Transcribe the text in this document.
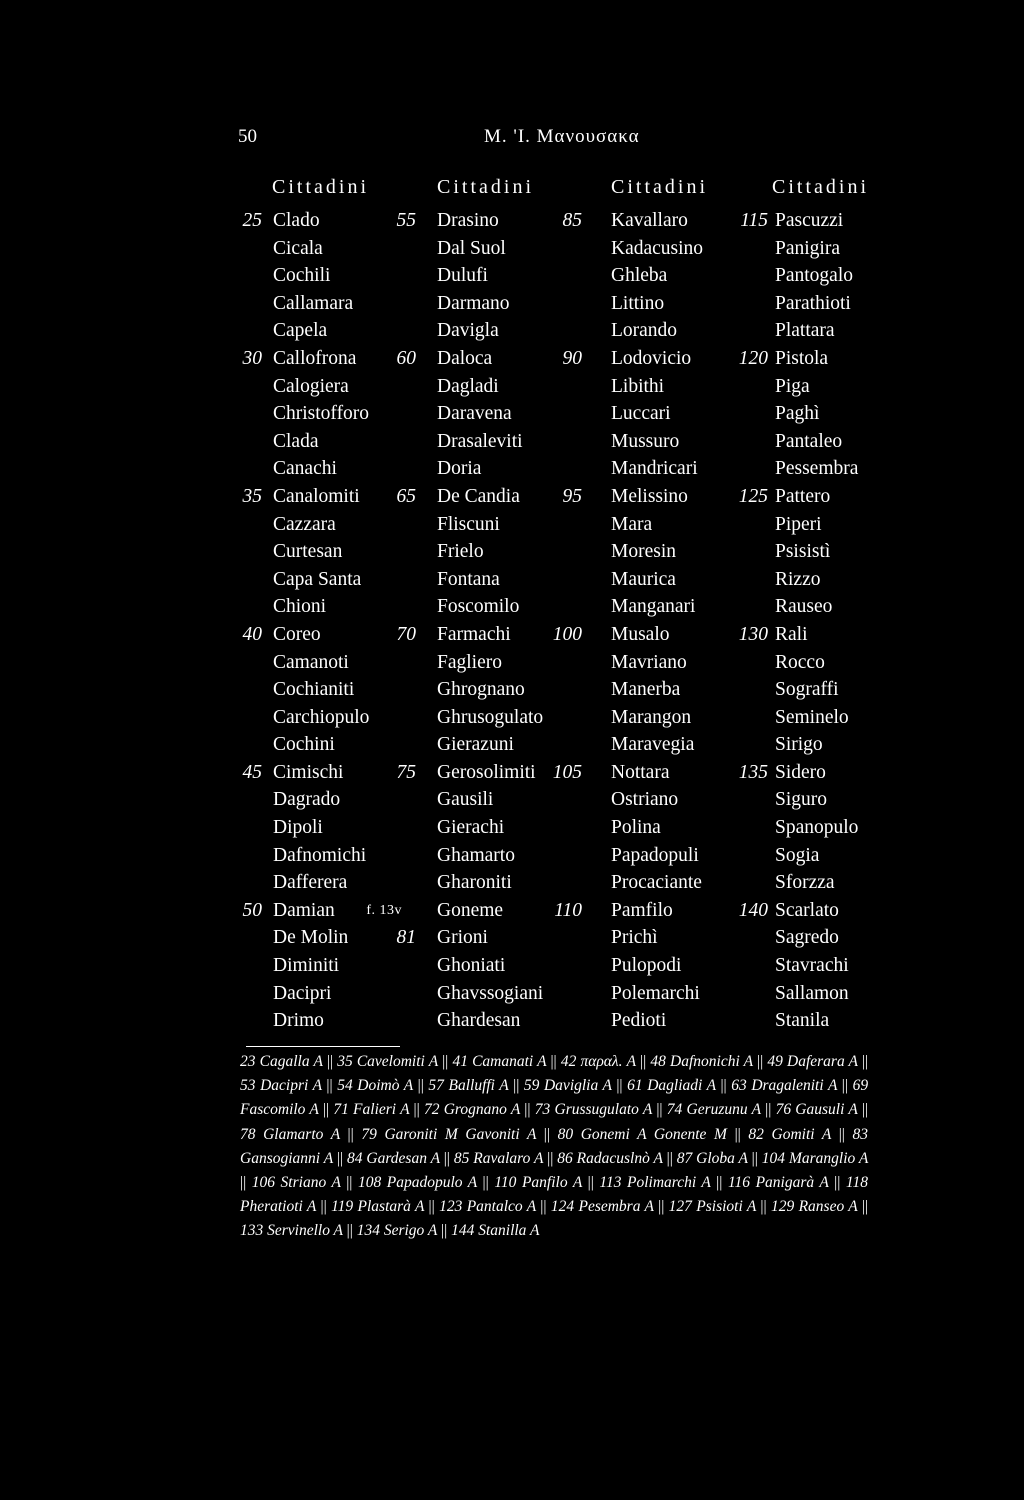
50	M. 'I. Μανουσακα
Cittadini	Cittadini	Cittadini	Cittadini
25 Clado	55 Drasino	85 Kavallaro	115 Pascuzzi
Cicala	Dal Suol	Kadacusino	Panigira
Cochili	Dulufi	Ghleba	Pantogalo
Callamara	Darmano	Littino	Parathioti
Capela	Davigla	Lorando	Plattara
30 Callofrona	60 Daloca	90 Lodovicio	120 Pistola
Calogiera	Dagladi	Libithi	Piga
Christofforo	Daravena	Luccari	Paghì
Clada	Drasaleviti	Mussuro	Pantaleo
Canachi	Doria	Mandricari	Pessembra
35 Canalomiti	65 De Candia	95 Melissino	125 Pattero
Cazzara	Fliscuni	Mara	Piperi
Curtesan	Frielo	Moresin	Psisistì
Capa Santa	Fontana	Maurica	Rizzo
Chioni	Foscomilo	Manganari	Rauseo
40 Coreo	70 Farmachi	100 Musalo	130 Rali
Camanoti	Fagliero	Mavriano	Rocco
Cochianiti	Ghrognano	Manerba	Sograffi
Carchiopulo	Ghrusogulato	Marangon	Seminelo
Cochini	Gierazuni	Maravegia	Sirigo
45 Cimischi	75 Gerosolimiti 105 Nottara	135 Sidero
Dagrado	Gausili	Ostriano	Siguro
Dipoli	Gierachi	Polina	Spanopulo
Dafnomichi	Ghamarto	Papadopuli	Sogia
Dafferera	Gharoniti	Procaciante	Sforzza
50 Damian	f. 13v Goneme	110 Pamfilo	140 Scarlato
De Molin	81 Grioni	Prichì	Sagredo
Diminiti	Ghoniati	Pulopodi	Stavrachi
Dacipri	Ghavssogiani	Polemarchi	Sallamon
Drimo	Ghardesan	Pedioti	Stanila
23 Cagalla A || 35 Cavelomiti A || 41 Camanati A || 42 παραλ. A || 48 Dafnonichi A || 49 Daferara A || 53 Dacipri A || 54 Doimò A || 57 Balluffi A || 59 Daviglia A || 61 Dagliadi A || 63 Dragaleniti A || 69 Fascomilo A || 71 Falieri A || 72 Grognano A || 73 Grussugulato A || 74 Geruzunu A || 76 Gausuli A || 78 Glamarto A || 79 Garoniti M Gavoniti A || 80 Gonemi A Gonente M || 82 Gomiti A || 83 Gansogianni A || 84 Gardesan A || 85 Ravalaro A || 86 Radacuslnò A || 87 Globa A || 104 Maranglio A || 106 Striano A || 108 Papadopulo A || 110 Panfilo A || 113 Polimarchi A || 116 Panigarà A || 118 Pheratioti A || 119 Plastarà A || 123 Pantalco A || 124 Pesembra A || 127 Psisioti A || 129 Ranseo A || 133 Servinello A || 134 Serigo A || 144 Stanilla A
